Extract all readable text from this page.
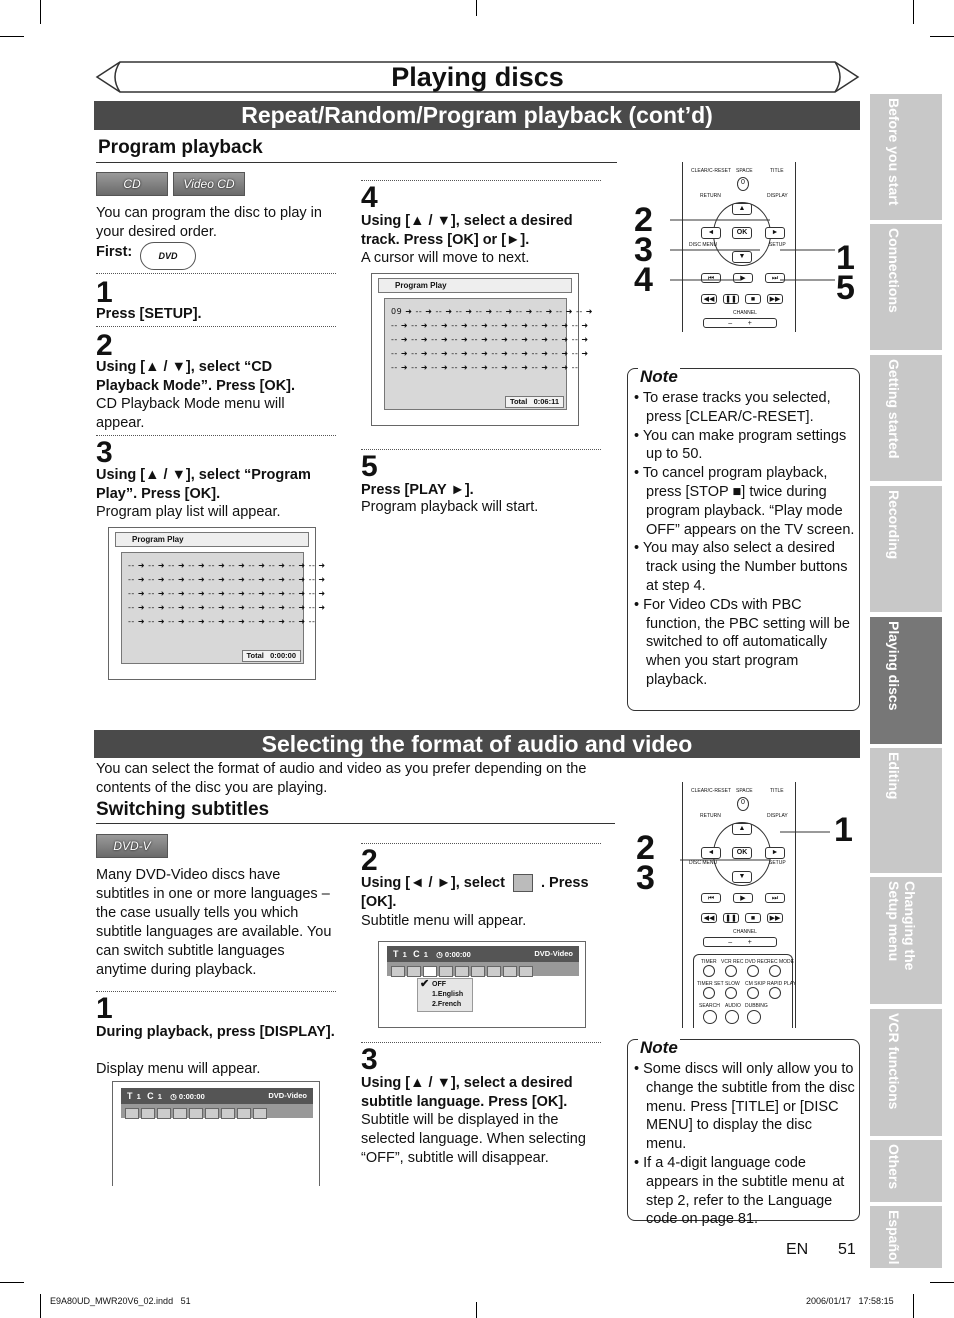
Playing discs
Repeat/Random/Program playback (cont’d)
Program playback
CD	Video CD
You can program the disc to play in your desired order.
First:	DVD
1
Press [SETUP].
2
Using [▲ / ▼], select “CD Playback Mode”. Press [OK].
CD Playback Mode menu will appear.
3
Using [▲ / ▼], select “Program Play”. Press [OK].
Program play list will appear.
Program Play
-- ➜ -- ➜ -- ➜ -- ➜ -- ➜ -- ➜ -- ➜ -- ➜ -- ➜ -- ➜
-- ➜ -- ➜ -- ➜ -- ➜ -- ➜ -- ➜ -- ➜ -- ➜ -- ➜ -- ➜
-- ➜ -- ➜ -- ➜ -- ➜ -- ➜ -- ➜ -- ➜ -- ➜ -- ➜ -- ➜
-- ➜ -- ➜ -- ➜ -- ➜ -- ➜ -- ➜ -- ➜ -- ➜ -- ➜ -- ➜
-- ➜ -- ➜ -- ➜ -- ➜ -- ➜ -- ➜ -- ➜ -- ➜ -- ➜ --
Total 0:00:00
4
Using [▲ / ▼], select a desired track. Press [OK] or [►].
A cursor will move to next.
Program Play
09 ➜ -- ➜ -- ➜ -- ➜ -- ➜ -- ➜ -- ➜ -- ➜ -- ➜ -- ➜
-- ➜ -- ➜ -- ➜ -- ➜ -- ➜ -- ➜ -- ➜ -- ➜ -- ➜ -- ➜
-- ➜ -- ➜ -- ➜ -- ➜ -- ➜ -- ➜ -- ➜ -- ➜ -- ➜ -- ➜
-- ➜ -- ➜ -- ➜ -- ➜ -- ➜ -- ➜ -- ➜ -- ➜ -- ➜ -- ➜
-- ➜ -- ➜ -- ➜ -- ➜ -- ➜ -- ➜ -- ➜ -- ➜ -- ➜ --
Total 0:06:11
5
Press [PLAY ►].
Program playback will start.
CLEAR/C-RESET SPACE	TITLE
0
RETURN	DISPLAY
▲
▼
◄	►
OK
DISC MENU	SETUP
⏮	▶	⏭
◀◀	❚❚	■	▶▶
CHANNEL
– +
2
3
4
1
5
Note
• To erase tracks you selected, press [CLEAR/C-RESET].
• You can make program settings up to 50.
• To cancel program playback, press [STOP ■] twice during program playback. “Play mode OFF” appears on the TV screen.
• You may also select a desired track using the Number buttons at step 4.
• For Video CDs with PBC function, the PBC setting will be switched to off automatically when you start program playback.
Selecting the format of audio and video
You can select the format of audio and video as you prefer depending on the contents of the disc you are playing.
Switching subtitles
DVD-V
Many DVD-Video discs have subtitles in one or more languages – the case usually tells you which subtitle languages are available. You can switch subtitle languages anytime during playback.
1
During playback, press [DISPLAY].
Display menu will appear.
T 1 C 1    ◷ 0:00:00	DVD-Video
2
Using [◄ / ►], select . Press [OK].
Subtitle menu will appear.
T 1 C 1    ◷ 0:00:00	DVD-Video
✔ OFF
1.English
2.French
3
Using [▲ / ▼], select a desired subtitle language. Press [OK].
Subtitle will be displayed in the selected language. When selecting “OFF”, subtitle will disappear.
CLEAR/C-RESET SPACE	TITLE
0
RETURN	DISPLAY
▲
▼
◄	►
OK
DISC MENU	SETUP
⏮	▶	⏭
◀◀	❚❚	■	▶▶
CHANNEL
– +
TIMER VCR REC DVD REC REC MODE
TIMER SET SLOW CM SKIP RAPID PLAY
SEARCH AUDIO DUBBING
2
3
1
Note
• Some discs will only allow you to change the subtitle from the disc menu. Press [TITLE] or [DISC MENU] to display the disc menu.
• If a 4-digit language code appears in the subtitle menu at step 2, refer to the Language code on page 81.
Before you start
Connections
Getting started
Recording
Playing discs
Editing
Changing the Setup menu
VCR functions
Others
Español
EN 51
E9A80UD_MWR20V6_02.indd   51	2006/01/17   17:58:15
